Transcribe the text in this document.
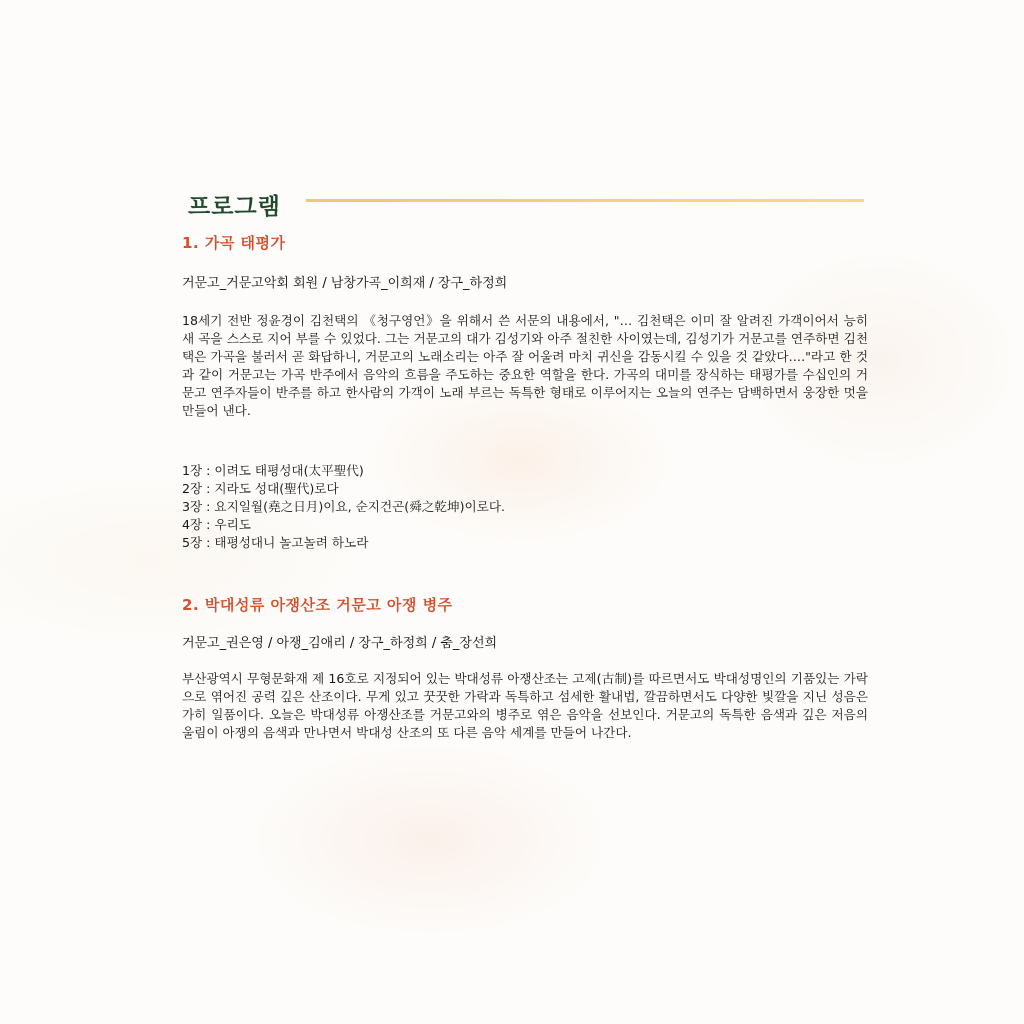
프로그램
1. 가곡 태평가
거문고_거문고악회 회원 / 남창가곡_이희재 / 장구_하정희
18세기 전반 정윤경이 김천택의 《청구영언》을 위해서 쓴 서문의 내용에서, "… 김천택은 이미 잘 알려진 가객이어서 능히 새 곡을 스스로 지어 부를 수 있었다. 그는 거문고의 대가 김성기와 아주 절친한 사이였는데, 김성기가 거문고를 연주하면 김천택은 가곡을 불러서 곧 화답하니, 거문고의 노래소리는 아주 잘 어울려 마치 귀신을 감동시킬 수 있을 것 같았다…."라고 한 것과 같이 거문고는 가곡 반주에서 음악의 흐름을 주도하는 중요한 역할을 한다. 가곡의 대미를 장식하는 태평가를 수십인의 거문고 연주자들이 반주를 하고 한사람의 가객이 노래 부르는 독특한 형태로 이루어지는 오늘의 연주는 담백하면서 웅장한 멋을 만들어 낸다.
1장 : 이려도 태평성대(太平聖代)
2장 : 지라도 성대(聖代)로다
3장 : 요지일월(堯之日月)이요, 순지건곤(舜之乾坤)이로다.
4장 : 우리도
5장 : 태평성대니 놀고놀려 하노라
2. 박대성류 아쟁산조 거문고 아쟁 병주
거문고_권은영 / 아쟁_김애리 / 장구_하정희 / 춤_장선희
부산광역시 무형문화재 제 16호로 지정되어 있는 박대성류 아쟁산조는 고제(古制)를 따르면서도 박대성명인의 기품있는 가락으로 엮어진 공력 깊은 산조이다. 무게 있고 꿋꿋한 가락과 독특하고 섬세한 활내법, 깔끔하면서도 다양한 빛깔을 지닌 성음은 가히 일품이다. 오늘은 박대성류 아쟁산조를 거문고와의 병주로 엮은 음악을 선보인다. 거문고의 독특한 음색과 깊은 저음의 울림이 아쟁의 음색과 만나면서 박대성 산조의 또 다른 음악 세계를 만들어 나간다.
